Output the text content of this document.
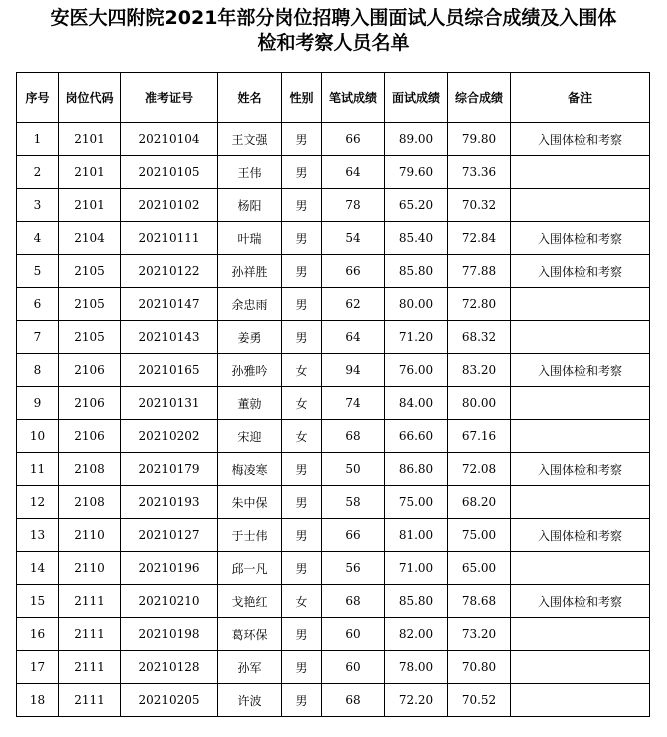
安医大四附院2021年部分岗位招聘入围面试人员综合成绩及入围体
检和考察人员名单
序号	岗位代码	准考证号	姓名	性别	笔试成绩	面试成绩	综合成绩	备注
1	2101	20210104	王文强	男	66	89.00	79.80	入围体检和考察
2	2101	20210105	王伟	男	64	79.60	73.36	
3	2101	20210102	杨阳	男	78	65.20	70.32	
4	2104	20210111	叶瑞	男	54	85.40	72.84	入围体检和考察
5	2105	20210122	孙祥胜	男	66	85.80	77.88	入围体检和考察
6	2105	20210147	余忠雨	男	62	80.00	72.80	
7	2105	20210143	姜勇	男	64	71.20	68.32	
8	2106	20210165	孙雅吟	女	94	76.00	83.20	入围体检和考察
9	2106	20210131	董勍	女	74	84.00	80.00	
10	2106	20210202	宋迎	女	68	66.60	67.16	
11	2108	20210179	梅凌寒	男	50	86.80	72.08	入围体检和考察
12	2108	20210193	朱中保	男	58	75.00	68.20	
13	2110	20210127	于士伟	男	66	81.00	75.00	入围体检和考察
14	2110	20210196	邱一凡	男	56	71.00	65.00	
15	2111	20210210	戈艳红	女	68	85.80	78.68	入围体检和考察
16	2111	20210198	葛环保	男	60	82.00	73.20	
17	2111	20210128	孙军	男	60	78.00	70.80	
18	2111	20210205	许波	男	68	72.20	70.52	
